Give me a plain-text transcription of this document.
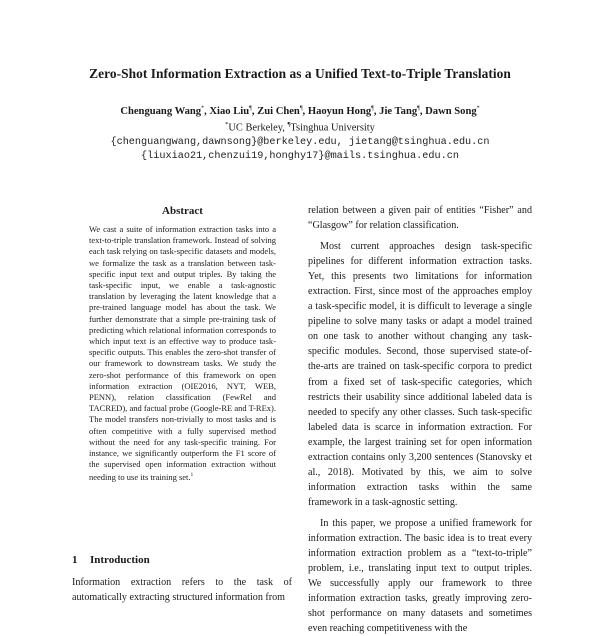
Zero-Shot Information Extraction as a Unified Text-to-Triple Translation
Chenguang Wang*, Xiao Liu¶, Zui Chen¶, Haoyun Hong¶, Jie Tang¶, Dawn Song*
*UC Berkeley, ¶Tsinghua University
{chenguangwang,dawnsong}@berkeley.edu, jietang@tsinghua.edu.cn
{liuxiao21,chenzui19,honghy17}@mails.tsinghua.edu.cn
Abstract
We cast a suite of information extraction tasks into a text-to-triple translation framework. Instead of solving each task relying on task-specific datasets and models, we formalize the task as a translation between task-specific input text and output triples. By taking the task-specific input, we enable a task-agnostic translation by leveraging the latent knowledge that a pre-trained language model has about the task. We further demonstrate that a simple pre-training task of predicting which relational information corresponds to which input text is an effective way to produce task-specific outputs. This enables the zero-shot transfer of our framework to downstream tasks. We study the zero-shot performance of this framework on open information extraction (OIE2016, NYT, WEB, PENN), relation classification (FewRel and TACRED), and factual probe (Google-RE and T-REx). The model transfers non-trivially to most tasks and is often competitive with a fully supervised method without the need for any task-specific training. For instance, we significantly outperform the F1 score of the supervised open information extraction without needing to use its training set.$^1$
1 Introduction
Information extraction refers to the task of automatically extracting structured information from

relation between a given pair of entities “Fisher” and “Glasgow” for relation classification.

Most current approaches design task-specific pipelines for different information extraction tasks. Yet, this presents two limitations for information extraction. First, since most of the approaches employ a task-specific model, it is difficult to leverage a single pipeline to solve many tasks or adapt a model trained on one task to another without changing any task-specific modules. Second, those supervised state-of-the-arts are trained on task-specific corpora to predict from a fixed set of task-specific categories, which restricts their usability since additional labeled data is needed to specify any other classes. Such task-specific labeled data is scarce in information extraction. For example, the largest training set for open information extraction contains only 3,200 sentences (Stanovsky et al., 2018). Motivated by this, we aim to solve information extraction tasks within the same framework in a task-agnostic setting.

In this paper, we propose a unified framework for information extraction. The basic idea is to treat every information extraction problem as a “text-to-triple” problem, i.e., translating input text to output triples. We successfully apply our framework to three information extraction tasks, greatly improving zero-shot performance on many datasets and sometimes even reaching competitiveness with the
